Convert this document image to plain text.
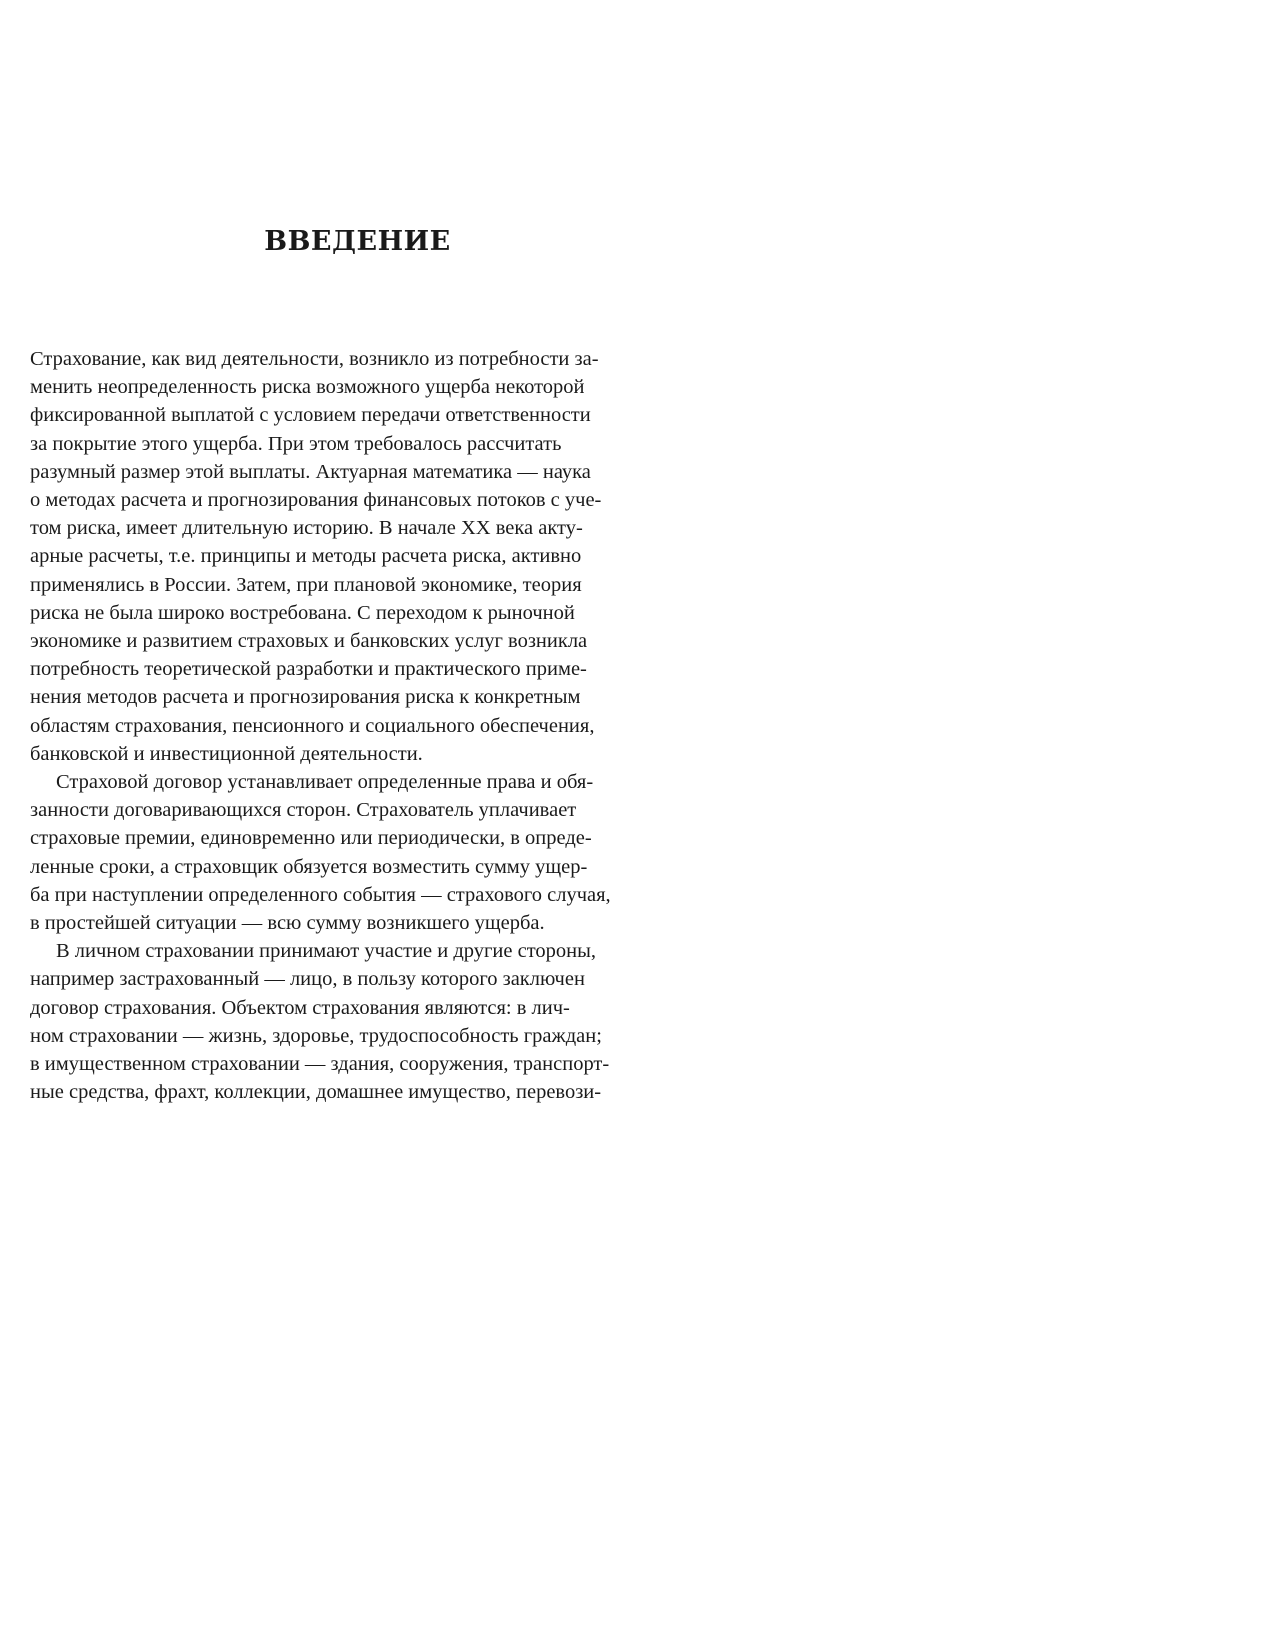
ВВЕДЕНИЕ

Страхование, как вид деятельности, возникло из потребности за-
менить неопределенность риска возможного ущерба некоторой
фиксированной выплатой с условием передачи ответственности
за покрытие этого ущерба. При этом требовалось рассчитать
разумный размер этой выплаты. Актуарная математика — наука
о методах расчета и прогнозирования финансовых потоков с уче-
том риска, имеет длительную историю. В начале XX века акту-
арные расчеты, т.е. принципы и методы расчета риска, активно
применялись в России. Затем, при плановой экономике, теория
риска не была широко востребована. С переходом к рыночной
экономике и развитием страховых и банковских услуг возникла
потребность теоретической разработки и практического приме-
нения методов расчета и прогнозирования риска к конкретным
областям страхования, пенсионного и социального обеспечения,
банковской и инвестиционной деятельности.

Страховой договор устанавливает определенные права и обя-
занности договаривающихся сторон. Страхователь уплачивает
страховые премии, единовременно или периодически, в опреде-
ленные сроки, а страховщик обязуется возместить сумму ущер-
ба при наступлении определенного события — страхового случая,
в простейшей ситуации — всю сумму возникшего ущерба.

В личном страховании принимают участие и другие стороны,
например застрахованный — лицо, в пользу которого заключен
договор страхования. Объектом страхования являются: в лич-
ном страховании — жизнь, здоровье, трудоспособность граждан;
в имущественном страховании — здания, сооружения, транспорт-
ные средства, фрахт, коллекции, домашнее имущество, перевози-
